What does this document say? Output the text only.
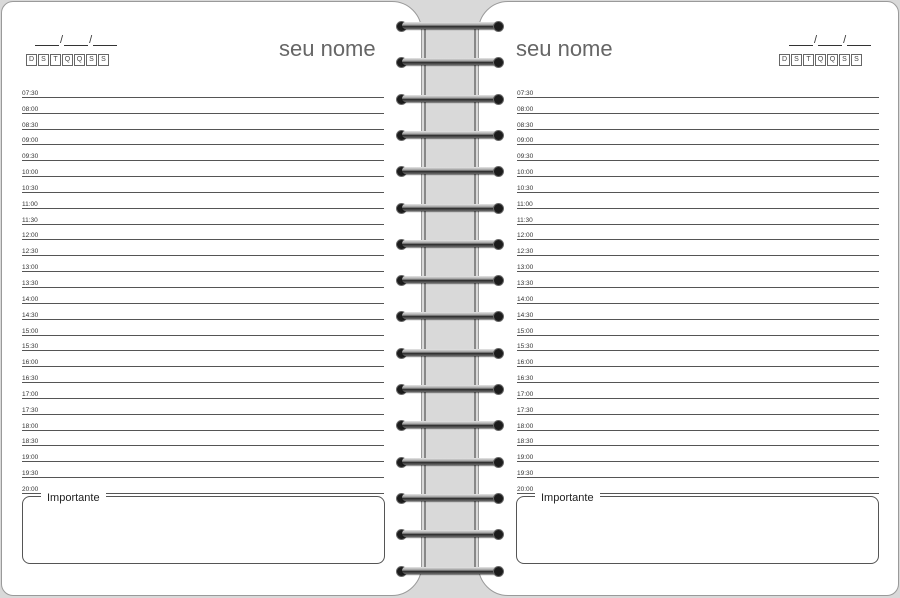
/ /
D	S	T	Q Q S	S	seu nome
07:30
08:00
08:30
09:00
09:30
10:00
10:30
11:00
11:30
12:00
12:30
13:00
13:30
14:00
14:30
15:00
15:30
16:00
16:30
17:00
17:30
18:00
18:30
19:00
19:30
20:00
Importante
seu nome	/ /
D	S	T	Q Q S	S
07:30
08:00
08:30
09:00
09:30
10:00
10:30
11:00
11:30
12:00
12:30
13:00
13:30
14:00
14:30
15:00
15:30
16:00
16:30
17:00
17:30
18:00
18:30
19:00
19:30
20:00
Importante
